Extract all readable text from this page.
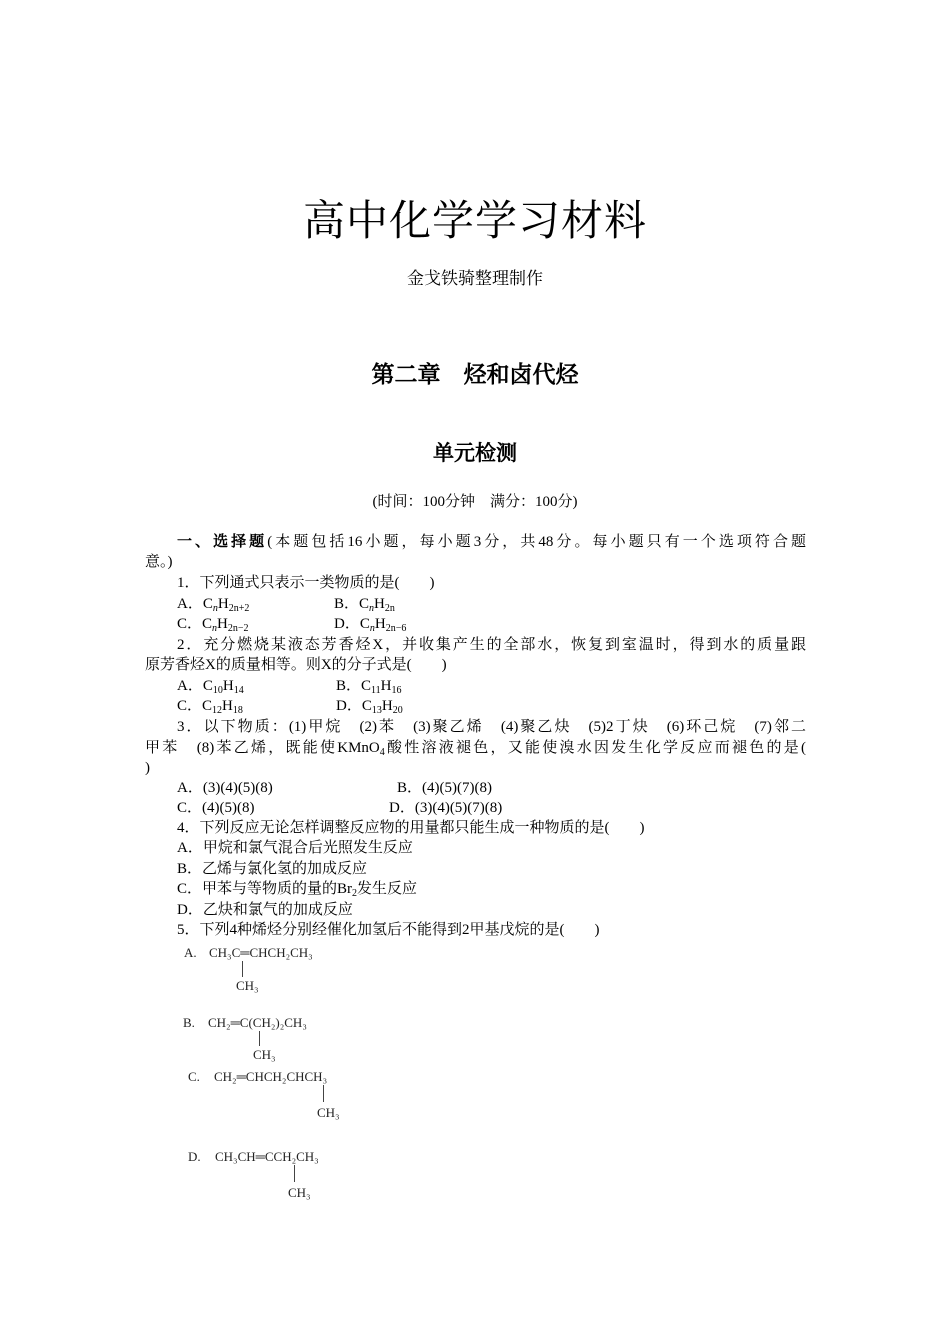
高中化学学习材料
金戈铁骑整理制作
第二章　烃和卤代烃
单元检测
(时间：100分钟　满分：100分)
一、选择题(本题包括16小题，每小题3分，共48分。每小题只有一个选项符合题
意。)
1．下列通式只表示一类物质的是(　　)
A．$C_nH_{2n+2}$	B．$C_nH_{2n}$
C．$C_nH_{2n-2}$	D．$C_nH_{2n-6}$
2．充分燃烧某液态芳香烃X，并收集产生的全部水，恢复到室温时，得到水的质量跟
原芳香烃X的质量相等。则X的分子式是(　　)
A．$C_{10}H_{14}$	B．$C_{11}H_{16}$
C．$C_{12}H_{18}$	D．$C_{13}H_{20}$
3．以下物质：(1)甲烷　(2)苯　(3)聚乙烯　(4)聚乙炔　(5)2丁炔　(6)环己烷　(7)邻二
甲苯　(8)苯乙烯，既能使KMnO$_4$酸性溶液褪色，又能使溴水因发生化学反应而褪色的是(
)
A．(3)(4)(5)(8)	B．(4)(5)(7)(8)
C．(4)(5)(8)	D．(3)(4)(5)(7)(8)
4．下列反应无论怎样调整反应物的用量都只能生成一种物质的是(　　)
A．甲烷和氯气混合后光照发生反应
B．乙烯与氯化氢的加成反应
C．甲苯与等物质的量的$Br_2$发生反应
D．乙炔和氯气的加成反应
5．下列4种烯烃分别经催化加氢后不能得到2甲基戊烷的是(　　)
A. CH₃C═CHCH₂CH₃
CH₃
B. CH₂═C(CH₂)₂CH₃
CH₃
C. CH₂═CHCH₂CHCH₃
CH₃
D. CH₃CH═CCH₂CH₃
CH₃
